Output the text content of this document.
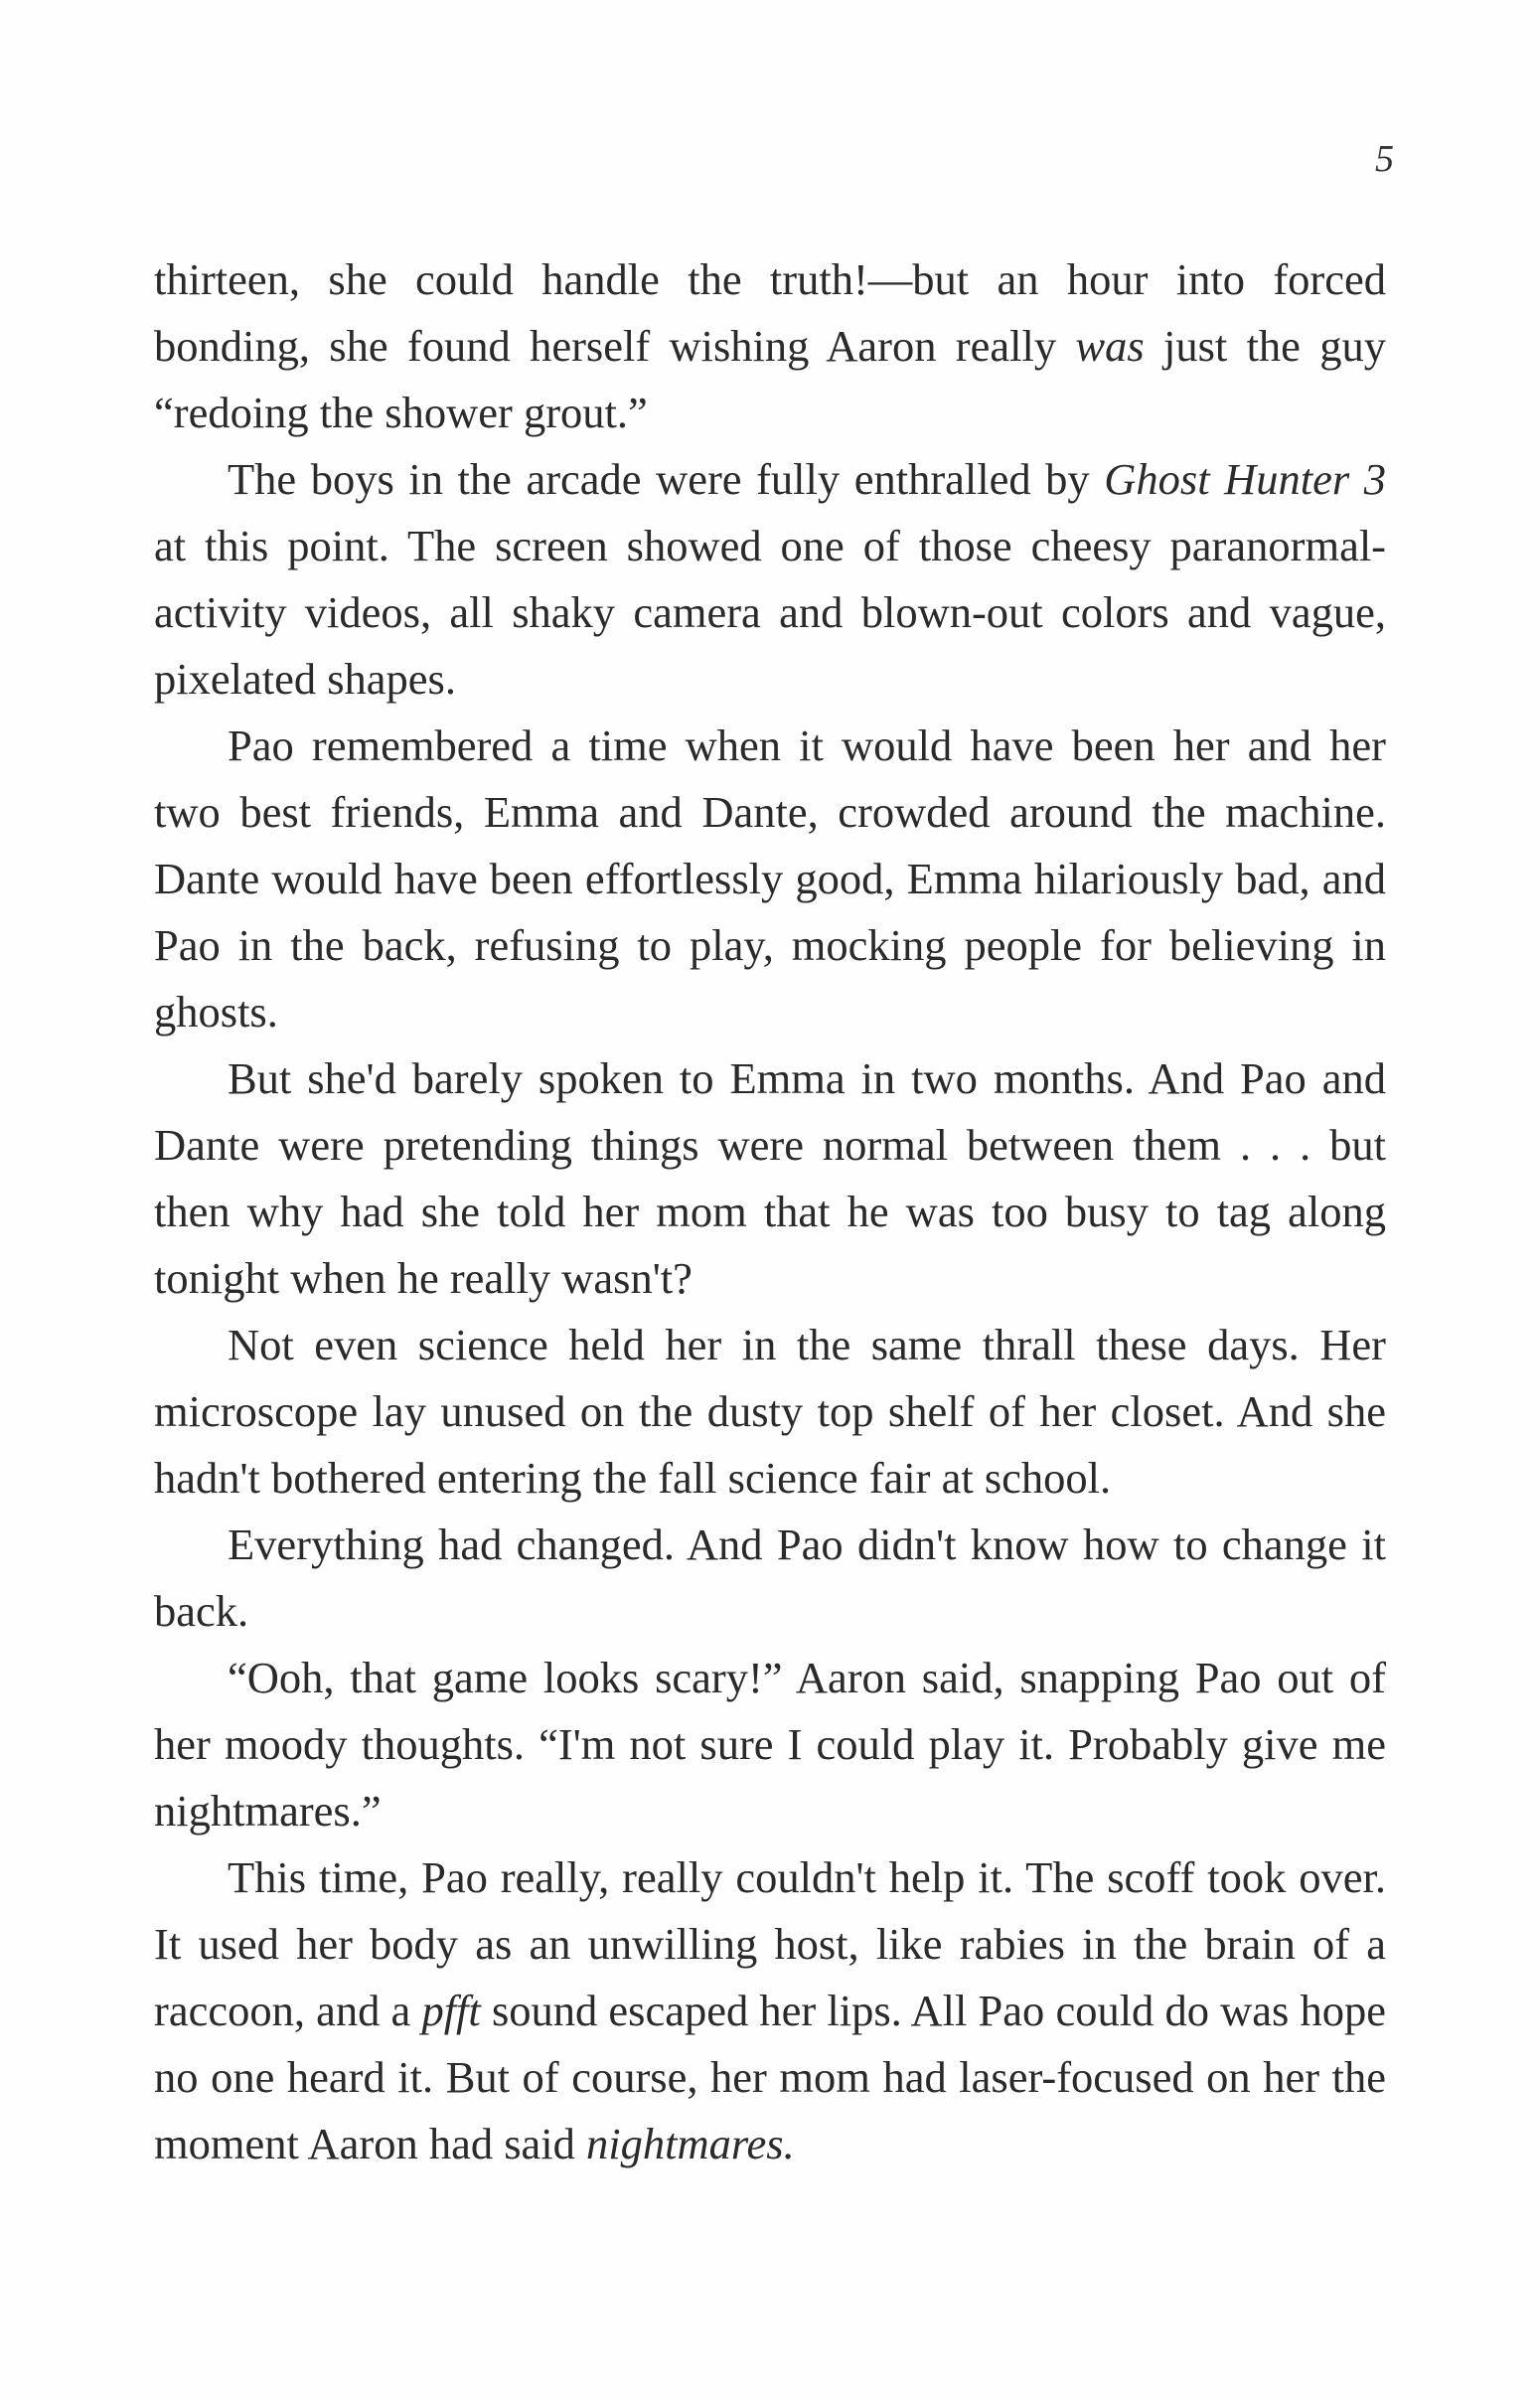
5

thirteen, she could handle the truth!—but an hour into forced bonding, she found herself wishing Aaron really was just the guy “redoing the shower grout.”

The boys in the arcade were fully enthralled by Ghost Hunter 3 at this point. The screen showed one of those cheesy paranormal-activity videos, all shaky camera and blown-out colors and vague, pixelated shapes.

Pao remembered a time when it would have been her and her two best friends, Emma and Dante, crowded around the machine. Dante would have been effortlessly good, Emma hilariously bad, and Pao in the back, refusing to play, mocking people for believing in ghosts.

But she'd barely spoken to Emma in two months. And Pao and Dante were pretending things were normal between them . . . but then why had she told her mom that he was too busy to tag along tonight when he really wasn't?

Not even science held her in the same thrall these days. Her microscope lay unused on the dusty top shelf of her closet. And she hadn't bothered entering the fall science fair at school.

Everything had changed. And Pao didn't know how to change it back.

“Ooh, that game looks scary!” Aaron said, snapping Pao out of her moody thoughts. “I'm not sure I could play it. Probably give me nightmares.”

This time, Pao really, really couldn't help it. The scoff took over. It used her body as an unwilling host, like rabies in the brain of a raccoon, and a pfft sound escaped her lips. All Pao could do was hope no one heard it. But of course, her mom had laser-focused on her the moment Aaron had said nightmares.
